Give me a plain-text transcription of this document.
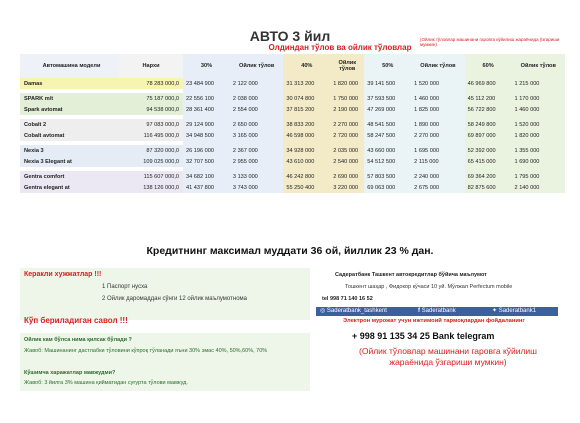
АВТО 3 йил
Олдиндан тўлов ва ойлик тўловлар
(Ойлик тўловлар машинани гаровга кўйилиш жараёнида ўзгариши мумкин)
Автомашина модели	Нархи	30%	Ойлик тўлов	40%	Ойлик тўлов	50%	Ойлик тўлов	60%	Ойлик тўлов
Damas	78 283 000,0	23 484 900	2 122 000	31 313 200	1 820 000	39 141 500	1 520 000	46 969 800	1 215 000

SPARK m/t	75 187 000,0	22 556 100	2 038 000	30 074 800	1 750 000	37 593 500	1 460 000	45 112 200	1 170 000
Spark avtomat	94 538 000,0	28 361 400	2 554 000	37 815 200	2 190 000	47 269 000	1 825 000	56 722 800	1 460 000

Cobalt 2	97 083 000,0	29 124 900	2 650 000	38 833 200	2 270 000	48 541 500	1 890 000	58 249 800	1 520 000
Cobalt avtomat	116 495 000,0	34 948 500	3 165 000	46 598 000	2 720 000	58 247 500	2 270 000	69 897 000	1 820 000

Nexia 3	87 320 000,0	26 196 000	2 367 000	34 928 000	2 035 000	43 660 000	1 695 000	52 392 000	1 355 000
Nexia 3 Elegant at	109 025 000,0	32 707 500	2 955 000	43 610 000	2 540 000	54 512 500	2 115 000	65 415 000	1 690 000

Gentra comfort	115 607 000,0	34 682 100	3 133 000	46 242 800	2 690 000	57 803 500	2 240 000	69 364 200	1 795 000
Gentra elegant at	138 126 000,0	41 437 800	3 743 000	55 250 400	3 220 000	69 063 000	2 675 000	82 875 600	2 140 000
Кредитнинг максимал муддати 36 ой, йиллик 23 % дан.
Керакли хужжатлар !!!
1 Паспорт нусха
2 Ойлик даромаддан сўнги 12 ойлик маълумотнома
Кўп бериладиган савол !!!
Ойлик кам бўлса нима қилсак бўлади ?
Жавоб: Машинанинг дастлабки тўловини кўпроқ тўланади яъни 30% эмас 40%, 50%,60%, 70%
Кўшимча харажатлар мавжудми?
Жавоб: 3 йилга 3% машина қийматидан суғурта тўлови мавжуд.
Садератбанк Ташкент автокредитлар бўйича маълумот
Тошкент шаҳар , Фидокор кўчаси 10 уй. Мўлжал Perfectum mobile
tel 998 71 140 16 52
◎ Saderatbank_tashkent	f Saderatbank	✦ Saderatbank1
Электрон мурожат учун ижтимоий тармоқлардан фойдаланинг
+ 998 91 135 34 25 Bank telegram
(Ойлик тўловлар машинани гаровга кўйилиш жараёнида ўзгариши мумкин)
